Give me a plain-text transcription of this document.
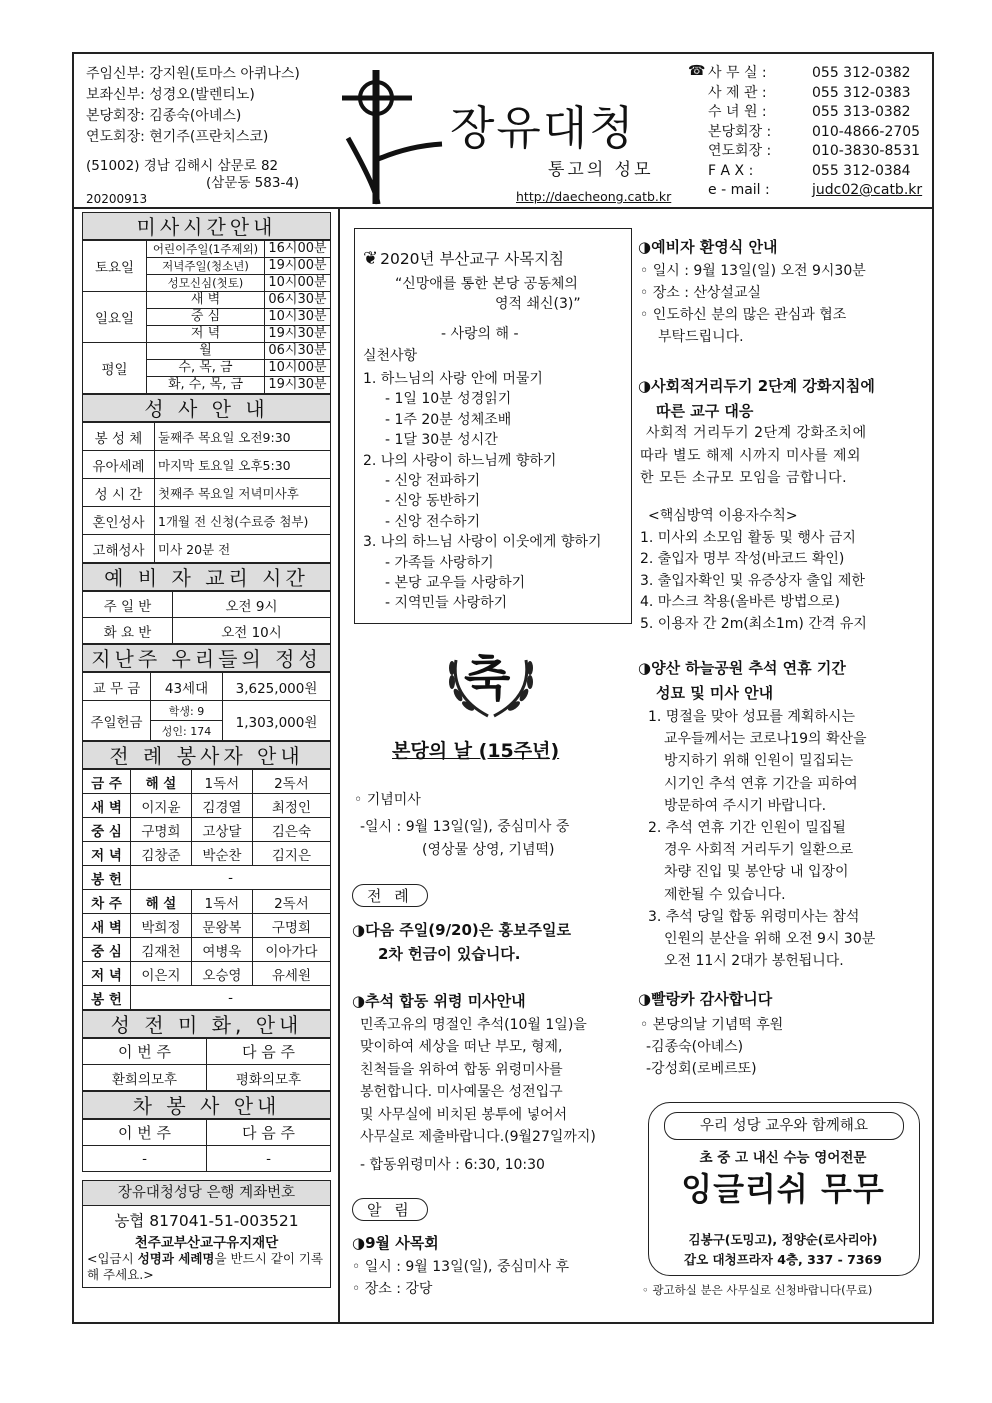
주임신부: 강지원(토마스 아퀴나스)
보좌신부: 성경오(발렌티노)
본당회장: 김종숙(아녜스)
연도회장: 현기주(프란치스코)
(51002) 경남 김해시 삼문로 82
(삼문동 583-4)
20200913
장유대청
통고의 성모
http://daecheong.catb.kr
☎ 사 무 실 :	055 312-0382
사 제 관 :	055 312-0383
수 녀 원 :	055 313-0382
본당회장 :	010-4866-2705
연도회장 :	010-3830-8531
F A X :	055 312-0384
e - mail :	judc02@catb.kr
미사시간안내
토요일	어린이주일(1주제외)	16시00분
	저녁주일(청소년)	19시00분
	성모신심(첫토)	10시00분
일요일	새 벽	06시30분
	중 심	10시30분
	저 녁	19시30분
평일	월	06시30분
	수, 목, 금	10시00분
	화, 수, 목, 금	19시30분
성 사 안 내
봉 성 체	둘째주 목요일 오전9:30
유아세례	마지막 토요일 오후5:30
성 시 간	첫째주 목요일 저녁미사후
혼인성사	1개월 전 신청(수료증 첨부)
고해성사	미사 20분 전
예 비 자 교리 시간
주 일 반	오전 9시
화 요 반	오전 10시
지난주 우리들의 정성
교 무 금	43세대	3,625,000원
주일헌금	학생: 9	1,303,000원
	성인: 174	
전 례 봉사자 안내
금 주	해 설	1독서	2독서
새 벽	이지윤	김경열	최정인
중 심	구명희	고상달	김은숙
저 녁	김창준	박순찬	김지은
봉 헌	-		
차 주	해 설	1독서	2독서
새 벽	박희정	문왕복	구명희
중 심	김재천	여병욱	이아가다
저 녁	이은지	오승영	유세원
봉 헌	-		
성 전 미 화, 안내
이 번 주	다 음 주
환희의모후	평화의모후
차 봉 사 안내
이 번 주	다 음 주
-	-
장유대청성당 은행 계좌번호
농협 817041-51-003521
천주교부산교구유지재단
<입금시 성명과 세례명을 반드시 같이 기록해 주세요.>
❦ 2020년 부산교구 사목지침
“신망애를 통한 본당 공동체의
영적 쇄신(3)”
- 사랑의 해 -
실천사항
1. 하느님의 사랑 안에 머물기
- 1일 10분 성경읽기
- 1주 20분 성체조배
- 1달 30분 성시간
2. 나의 사랑이 하느님께 향하기
- 신앙 전파하기
- 신앙 동반하기
- 신앙 전수하기
3. 나의 하느님 사랑이 이웃에게 향하기
- 가족들 사랑하기
- 본당 교우들 사랑하기
- 지역민들 사랑하기
축
본당의 날 (15주년)
◦ 기념미사
-일시 : 9월 13일(일), 중심미사 중
(영상물 상영, 기념떡)
전 례
◑다음 주일(9/20)은 홍보주일로
2차 헌금이 있습니다.
◑추석 합동 위령 미사안내
민족고유의 명절인 추석(10월 1일)을
맞이하여 세상을 떠난 부모, 형제,
친척들을 위하여 합동 위령미사를
봉헌합니다. 미사예물은 성전입구
및 사무실에 비치된 봉투에 넣어서
사무실로 제출바랍니다.(9월27일까지)
- 합동위령미사 : 6:30, 10:30
알 림
◑9월 사목회
◦ 일시 : 9월 13일(일), 중심미사 후
◦ 장소 : 강당
◑예비자 환영식 안내
◦ 일시 : 9월 13일(일) 오전 9시30분
◦ 장소 : 산상설교실
◦ 인도하신 분의 많은 관심과 협조
부탁드립니다.
◑사회적거리두기 2단계 강화지침에
따른 교구 대응
사회적 거리두기 2단계 강화조치에
따라 별도 해제 시까지 미사를 제외
한 모든 소규모 모임을 금합니다.
<핵심방역 이용자수칙>
1. 미사외 소모임 활동 및 행사 금지
2. 출입자 명부 작성(바코드 확인)
3. 출입자확인 및 유증상자 출입 제한
4. 마스크 착용(올바른 방법으로)
5. 이용자 간 2m(최소1m) 간격 유지
◑양산 하늘공원 추석 연휴 기간
성묘 및 미사 안내
1. 명절을 맞아 성묘를 계획하시는
교우들께서는 코로나19의 확산을
방지하기 위해 인원이 밀집되는
시기인 추석 연휴 기간을 피하여
방문하여 주시기 바랍니다.
2. 추석 연휴 기간 인원이 밀집될
경우 사회적 거리두기 일환으로
차량 진입 및 봉안당 내 입장이
제한될 수 있습니다.
3. 추석 당일 합동 위령미사는 참석
인원의 분산을 위해 오전 9시 30분
오전 11시 2대가 봉헌됩니다.
◑빨랑카 감사합니다
◦ 본당의날 기념떡 후원
-김종숙(아녜스)
-강성회(로베르또)
우리 성당 교우와 함께해요
초 중 고 내신 수능 영어전문
잉글리쉬 무무
김봉구(도밍고), 정양순(로사리아)
갑오 대청프라자 4층, 337 - 7369
◦ 광고하실 분은 사무실로 신청바랍니다(무료)
